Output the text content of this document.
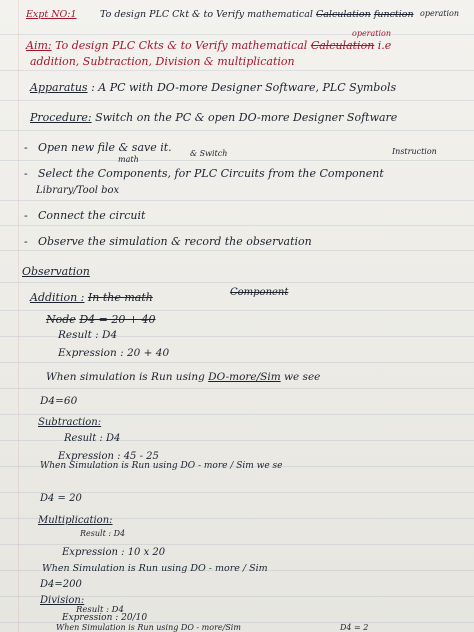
Expt NO:1 To design PLC Ckt & to Verify mathematical Calculation function operation
operation
Aim: To design PLC Ckts & to Verify mathematical Calculation i.e
addition, Subtraction, Division & multiplication
Apparatus : A PC with DO-more Designer Software, PLC Symbols
Procedure: Switch on the PC & open DO-more Designer Software
- Open new file & save it.
math
& Switch	Instruction
- Select the Components, for PLC Circuits from the Component
Library/Tool box
- Connect the circuit
- Observe the simulation & record the observation
Observation
Addition : In the math	Component
Node D4 = 20 + 40
Result : D4
Expression : 20 + 40
When simulation is Run using DO-more/Sim we see
D4=60
Subtraction:
Result : D4
Expression : 45 - 25
When Simulation is Run using DO - more / Sim we se
D4 = 20
Multiplication:
Result : D4
Expression : 10 x 20
When Simulation is Run using DO - more / Sim
D4=200
Division:
Result : D4
Expression : 20/10
When Simulation is Run using DO - more/Sim	D4 = 2
